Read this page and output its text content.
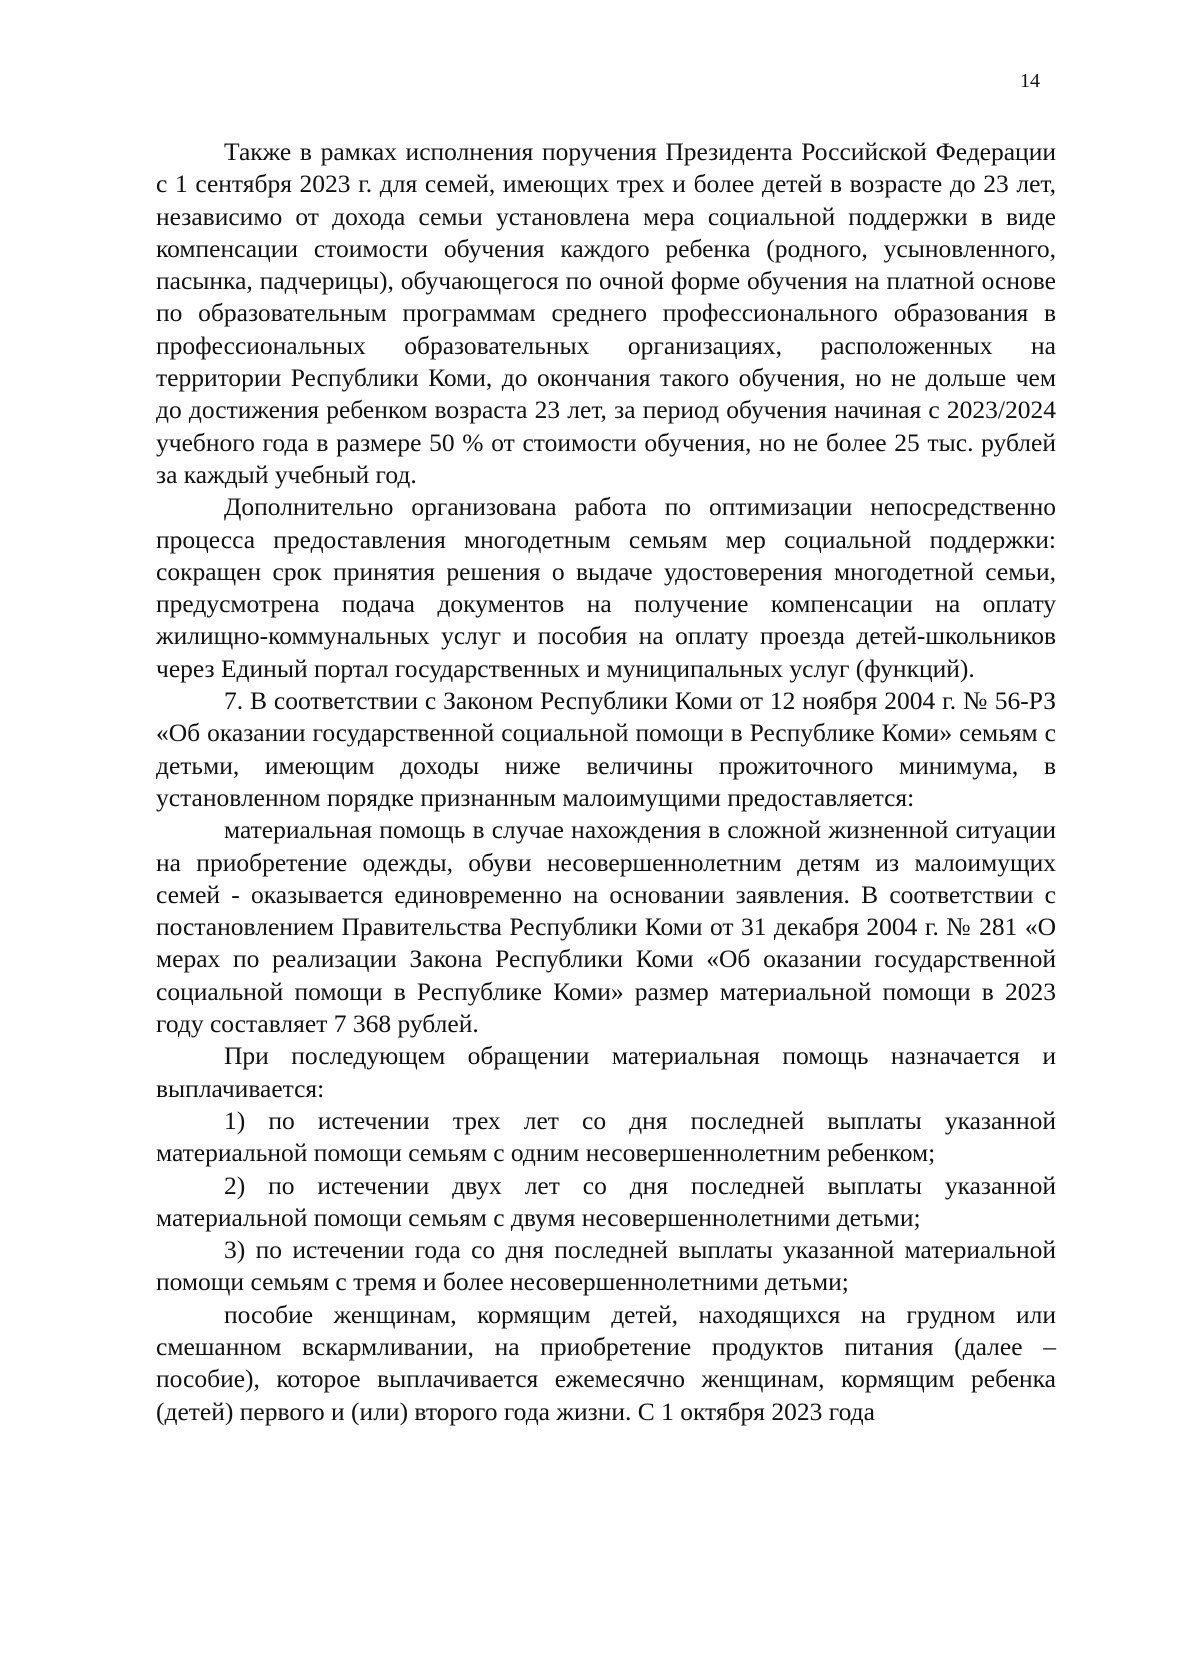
14

Также в рамках исполнения поручения Президента Российской Федерации с 1 сентября 2023 г. для семей, имеющих трех и более детей в возрасте до 23 лет, независимо от дохода семьи установлена мера социальной поддержки в виде компенсации стоимости обучения каждого ребенка (родного, усыновленного, пасынка, падчерицы), обучающегося по очной форме обучения на платной основе по образовательным программам среднего профессионального образования в профессиональных образовательных организациях, расположенных на территории Республики Коми, до окончания такого обучения, но не дольше чем до достижения ребенком возраста 23 лет, за период обучения начиная с 2023/2024 учебного года в размере 50 % от стоимости обучения, но не более 25 тыс. рублей за каждый учебный год.

Дополнительно организована работа по оптимизации непосредственно процесса предоставления многодетным семьям мер социальной поддержки: сокращен срок принятия решения о выдаче удостоверения многодетной семьи, предусмотрена подача документов на получение компенсации на оплату жилищно-коммунальных услуг и пособия на оплату проезда детей-школьников через Единый портал государственных и муниципальных услуг (функций).

7. В соответствии с Законом Республики Коми от 12 ноября 2004 г. № 56-РЗ «Об оказании государственной социальной помощи в Республике Коми» семьям с детьми, имеющим доходы ниже величины прожиточного минимума, в установленном порядке признанным малоимущими предоставляется:

материальная помощь в случае нахождения в сложной жизненной ситуации на приобретение одежды, обуви несовершеннолетним детям из малоимущих семей - оказывается единовременно на основании заявления. В соответствии с постановлением Правительства Республики Коми от 31 декабря 2004 г. № 281 «О мерах по реализации Закона Республики Коми «Об оказании государственной социальной помощи в Республике Коми» размер материальной помощи в 2023 году составляет 7 368 рублей.

При последующем обращении материальная помощь назначается и выплачивается:

1) по истечении трех лет со дня последней выплаты указанной материальной помощи семьям с одним несовершеннолетним ребенком;

2) по истечении двух лет со дня последней выплаты указанной материальной помощи семьям с двумя несовершеннолетними детьми;

3) по истечении года со дня последней выплаты указанной материальной помощи семьям с тремя и более несовершеннолетними детьми;

пособие женщинам, кормящим детей, находящихся на грудном или смешанном вскармливании, на приобретение продуктов питания (далее – пособие), которое выплачивается ежемесячно женщинам, кормящим ребенка (детей) первого и (или) второго года жизни. С 1 октября 2023 года
